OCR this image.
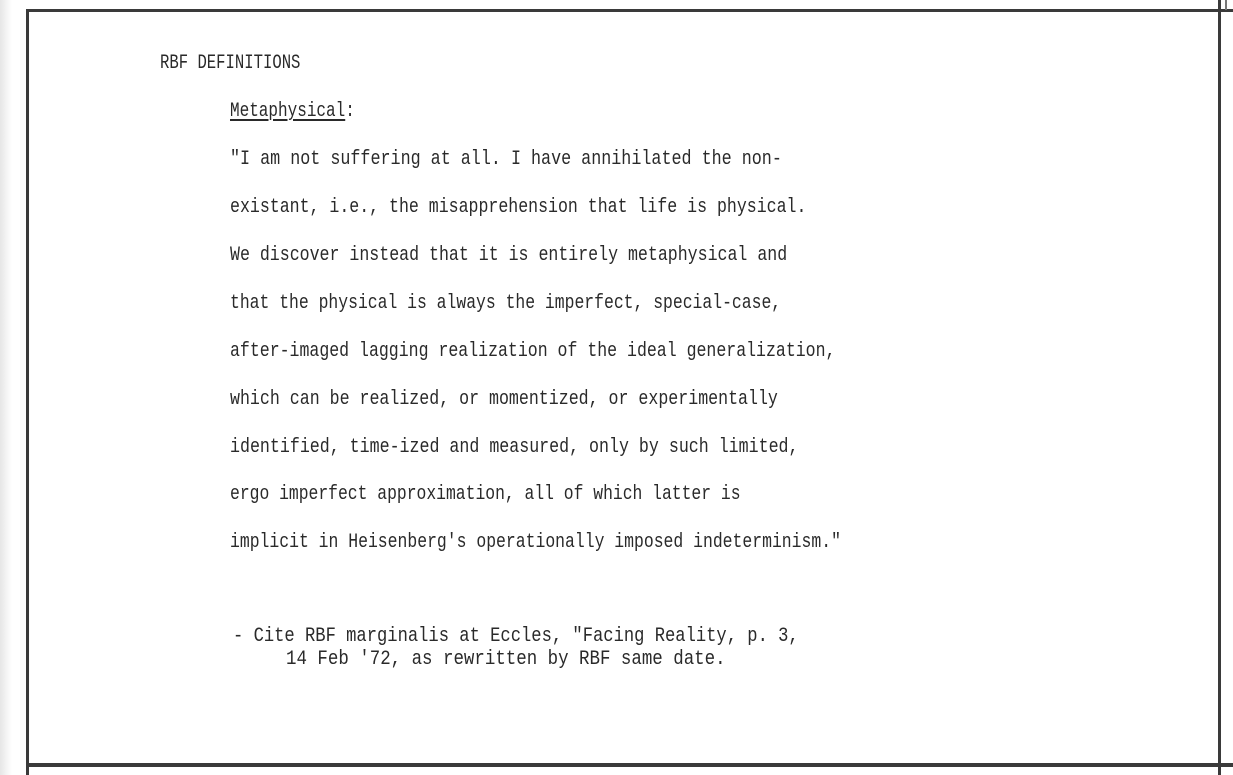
RBF DEFINITIONS
Metaphysical:
"I am not suffering at all. I have annihilated the non-
existant, i.e., the misapprehension that life is physical.
We discover instead that it is entirely metaphysical and
that the physical is always the imperfect, special-case,
after-imaged lagging realization of the ideal generalization,
which can be realized, or momentized, or experimentally
identified, time-ized and measured, only by such limited,
ergo imperfect approximation, all of which latter is
implicit in Heisenberg's operationally imposed indeterminism."
- Cite RBF marginalis at Eccles, "Facing Reality, p. 3,
14 Feb '72, as rewritten by RBF same date.
